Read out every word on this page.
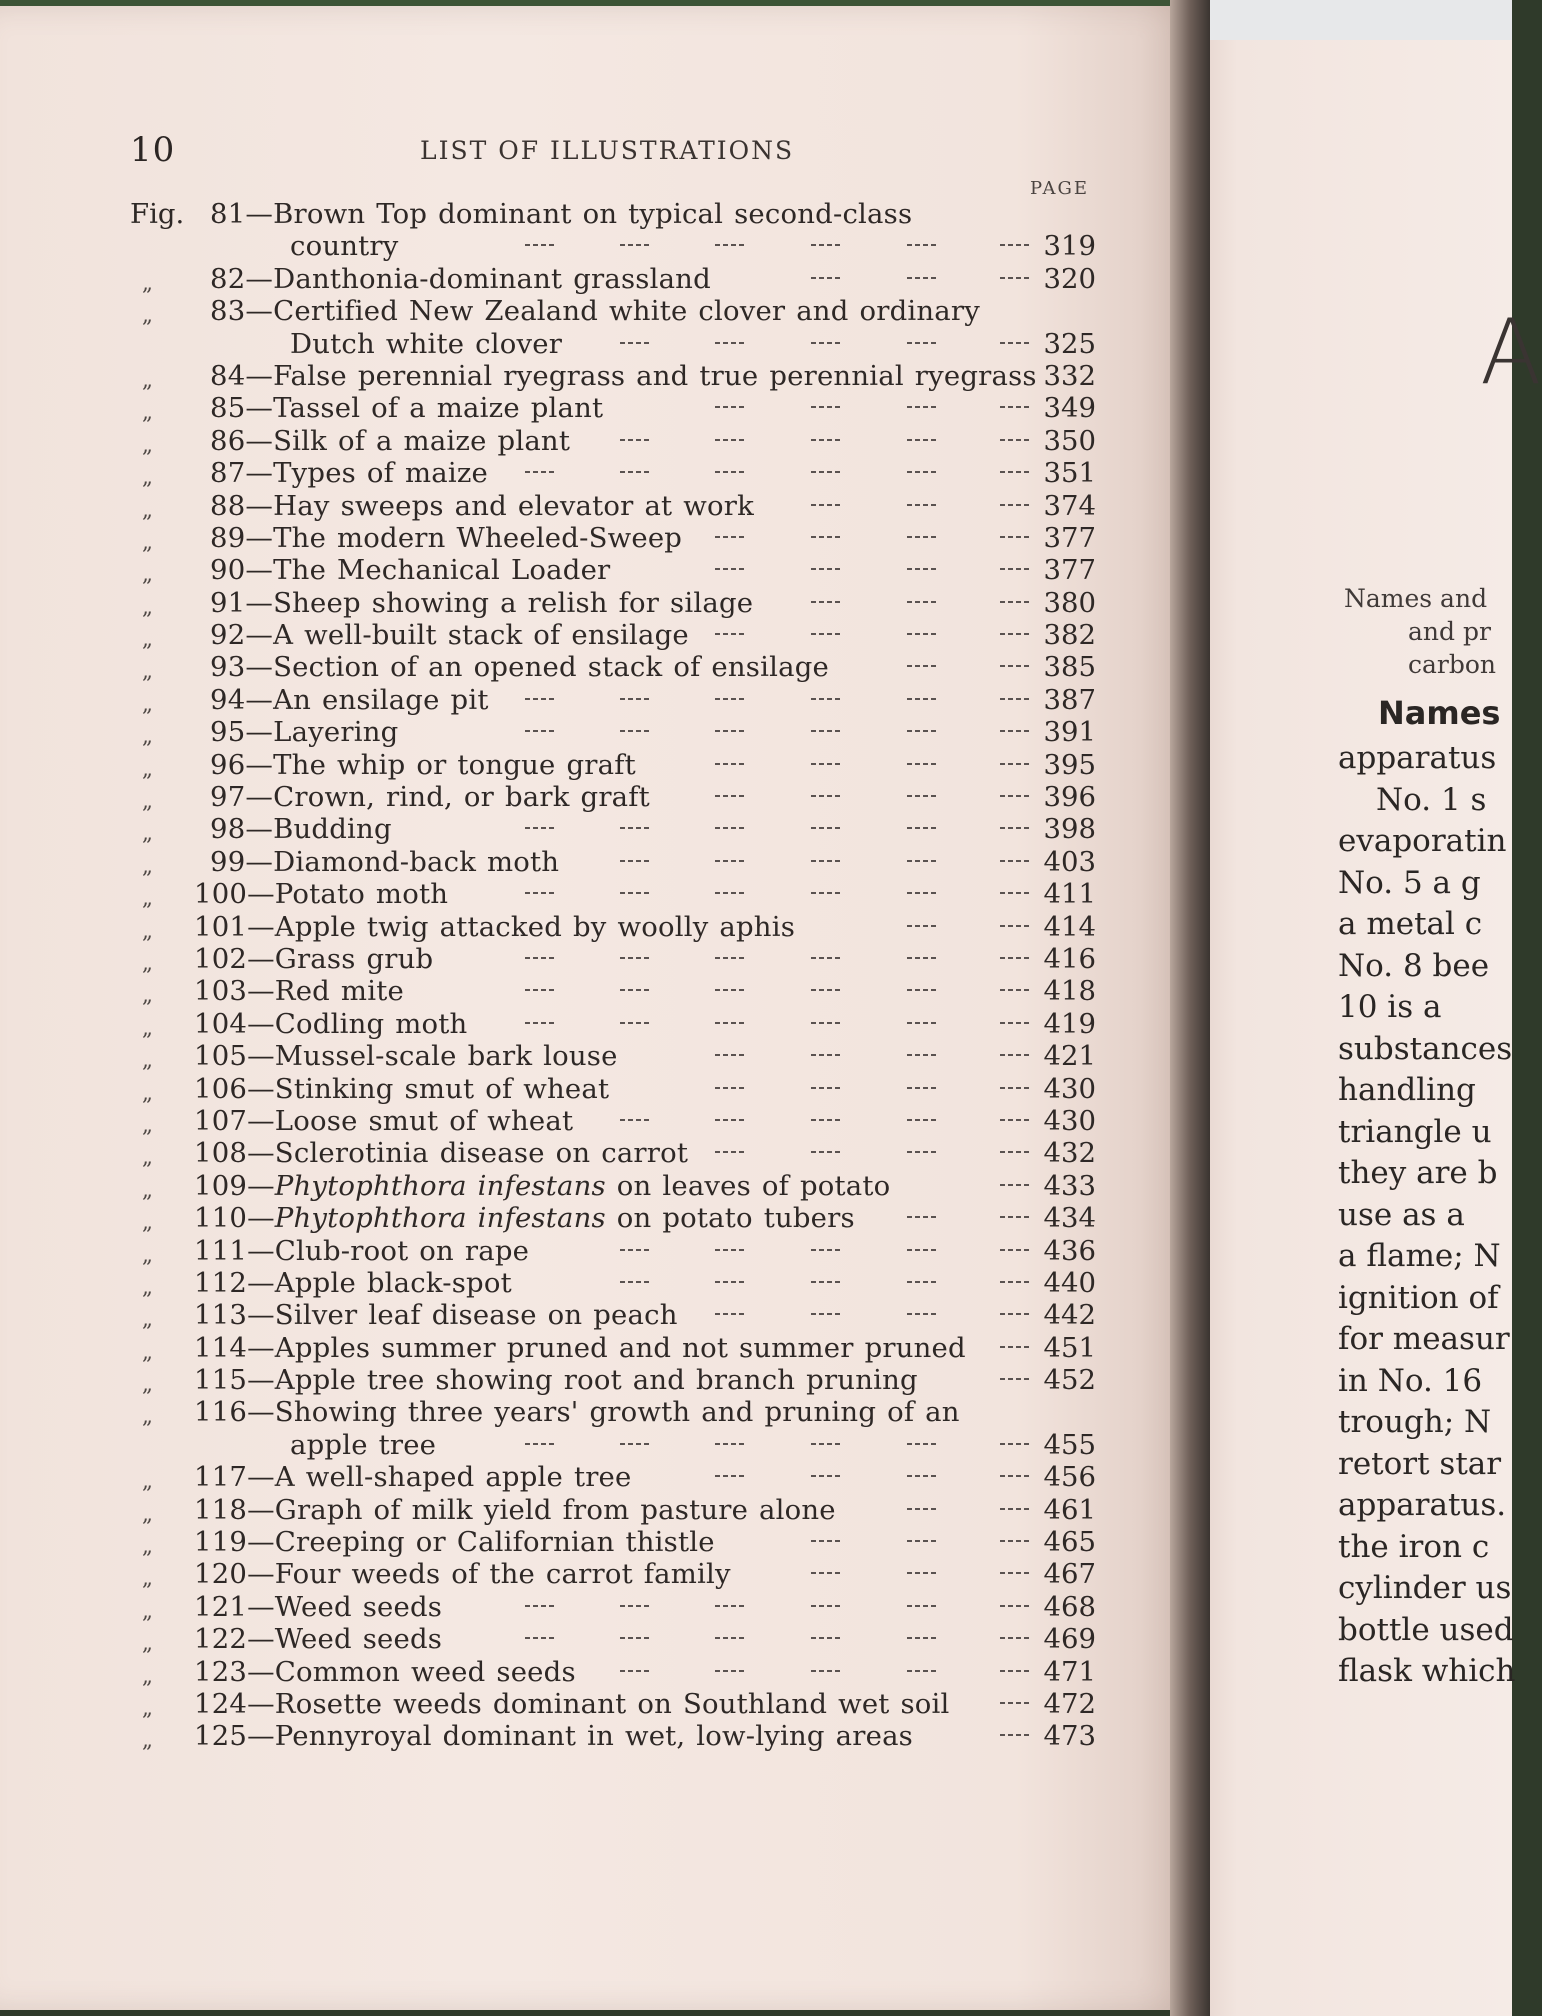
10	LIST OF ILLUSTRATIONS
PAGE
Fig. 81—Brown Top dominant on typical second-class
country	319
„ 82—Danthonia-dominant grassland	320
„ 83—Certified New Zealand white clover and ordinary
Dutch white clover	325
„ 84—False perennial ryegrass and true perennial ryegrass 332
„ 85—Tassel of a maize plant	349
„ 86—Silk of a maize plant	350
„ 87—Types of maize	351
„ 88—Hay sweeps and elevator at work	374
„ 89—The modern Wheeled-Sweep	377
„ 90—The Mechanical Loader	377
„ 91—Sheep showing a relish for silage	380
„ 92—A well-built stack of ensilage	382
„ 93—Section of an opened stack of ensilage	385
„ 94—An ensilage pit	387
„ 95—Layering	391
„ 96—The whip or tongue graft	395
„ 97—Crown, rind, or bark graft	396
„ 98—Budding	398
„ 99—Diamond-back moth	403
„ 100—Potato moth	411
„ 101—Apple twig attacked by woolly aphis	414
„ 102—Grass grub	416
„ 103—Red mite	418
„ 104—Codling moth	419
„ 105—Mussel-scale bark louse	421
„ 106—Stinking smut of wheat	430
„ 107—Loose smut of wheat	430
„ 108—Sclerotinia disease on carrot	432
„ 109—Phytophthora infestans on leaves of potato	433
„ 110—Phytophthora infestans on potato tubers	434
„ 111—Club-root on rape	436
„ 112—Apple black-spot	440
„ 113—Silver leaf disease on peach	442
„ 114—Apples summer pruned and not summer pruned	451
„ 115—Apple tree showing root and branch pruning	452
„ 116—Showing three years' growth and pruning of an
apple tree	455
„ 117—A well-shaped apple tree	456
„ 118—Graph of milk yield from pasture alone	461
„ 119—Creeping or Californian thistle	465
„ 120—Four weeds of the carrot family	467
„ 121—Weed seeds	468
„ 122—Weed seeds	469
„ 123—Common weed seeds	471
„ 124—Rosette weeds dominant on Southland wet soil	472
„ 125—Pennyroyal dominant in wet, low-lying areas	473
A
Names and
and pr
carbon
Names
apparatus
No. 1 s
evaporatin
No. 5 a g
a metal c
No. 8 bee
10 is a
substances
handling
triangle u
they are b
use as a
a flame; N
ignition of
for measur
in No. 16
trough; N
retort star
apparatus.
the iron c
cylinder us
bottle used
flask which
